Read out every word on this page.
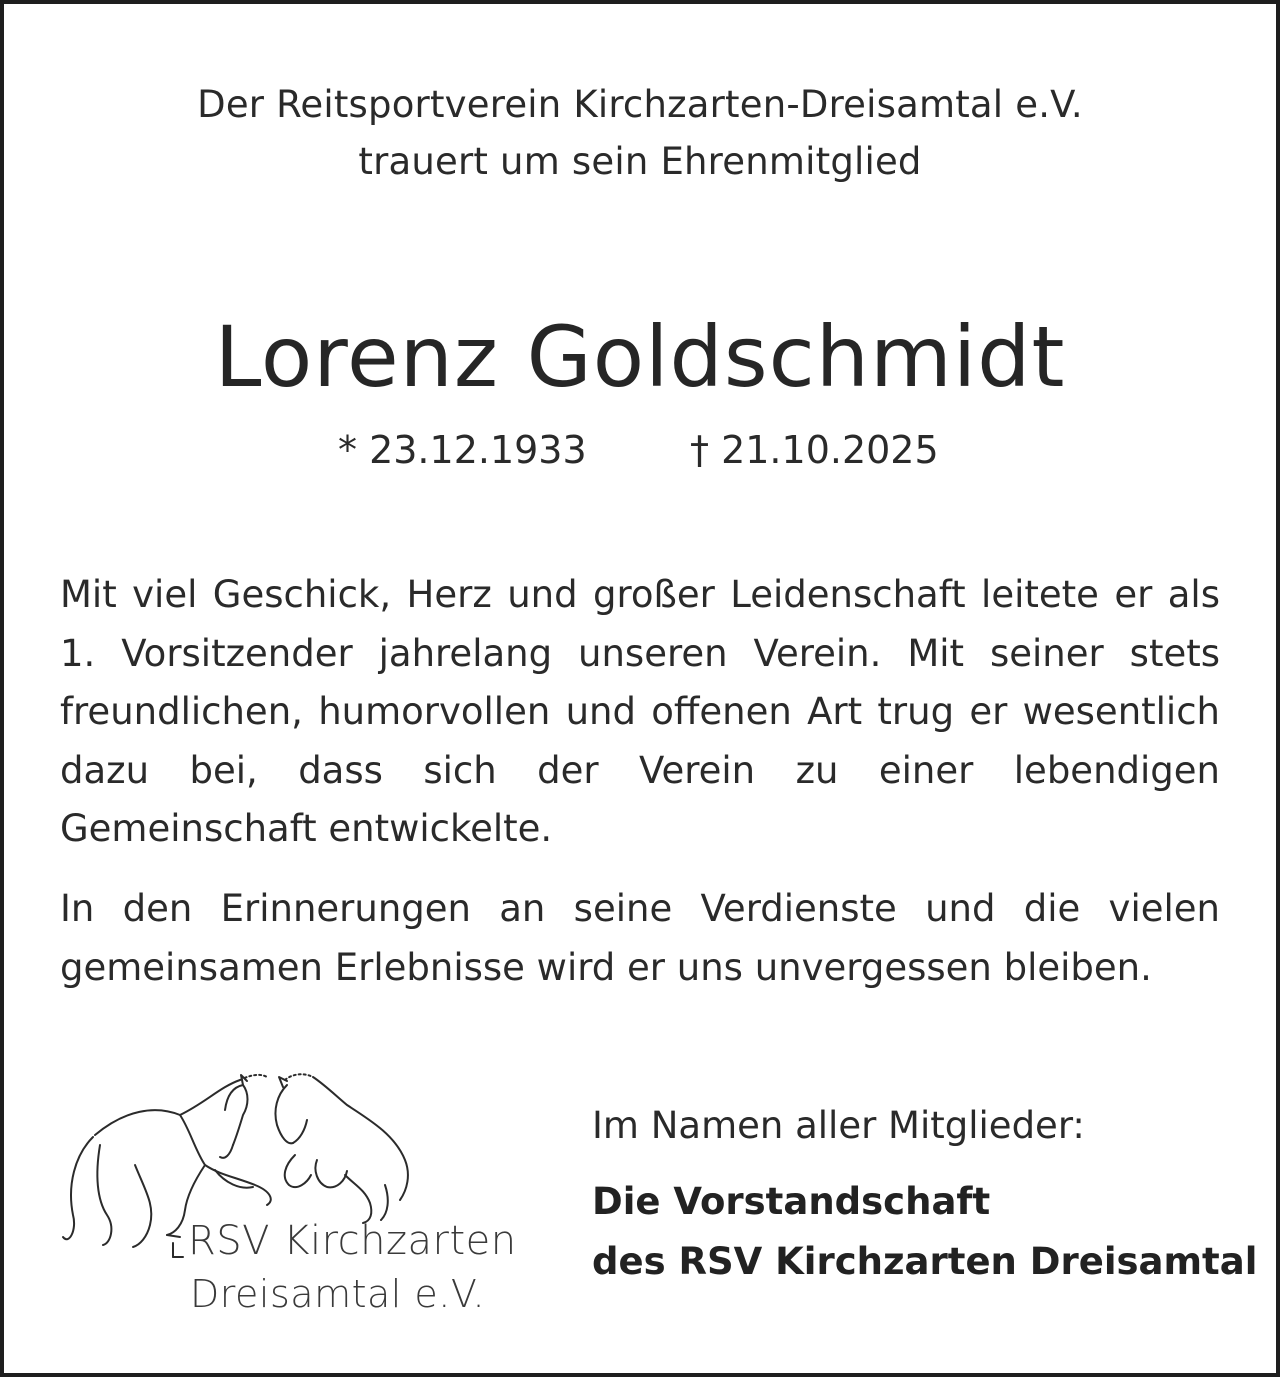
Der Reitsportverein Kirchzarten-Dreisamtal e.V.
trauert um sein Ehrenmitglied
Lorenz Goldschmidt
* 23.12.1933	† 21.10.2025
Mit viel Geschick, Herz und großer Leidenschaft leitete er als 1. Vorsitzender jahrelang unseren Verein. Mit seiner stets freundlichen, humorvollen und offenen Art trug er wesentlich dazu bei, dass sich der Verein zu einer lebendigen Gemeinschaft entwickelte.
In den Erinnerungen an seine Verdienste und die vielen gemeinsamen Erlebnisse wird er uns unvergessen bleiben.
RSV Kirchzarten
Dreisamtal e.V.
Im Namen aller Mitglieder:
Die Vorstandschaft
des RSV Kirchzarten Dreisamtal
